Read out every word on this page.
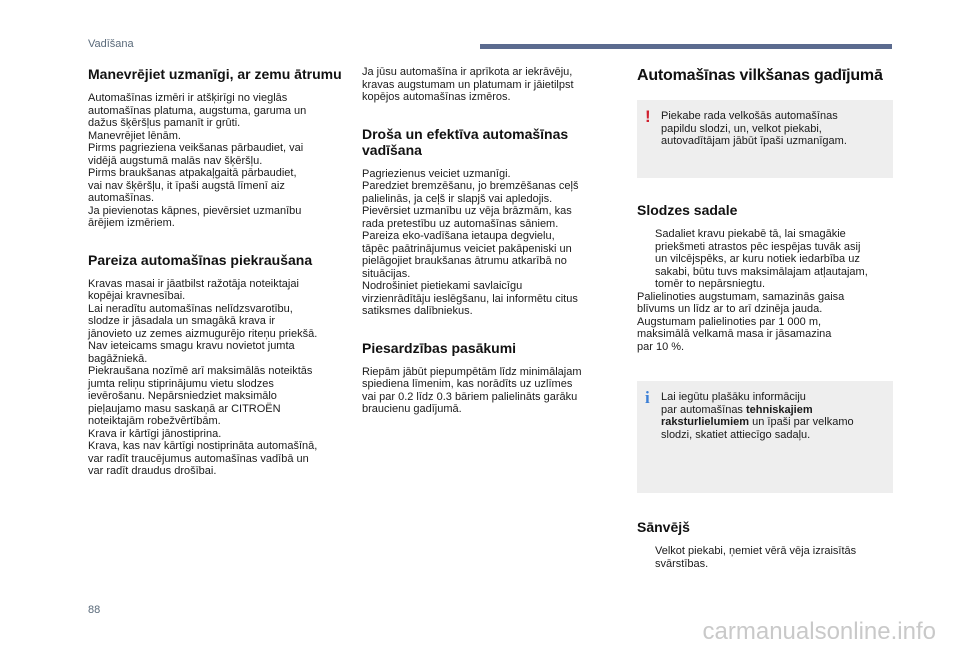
Vadīšana
Manevrējiet uzmanīgi, ar zemu ātrumu

Automašīnas izmēri ir atšķirīgi no vieglās
automašīnas platuma, augstuma, garuma un
dažus šķēršļus pamanīt ir grūti.
Manevrējiet lēnām.
Pirms pagrieziena veikšanas pārbaudiet, vai
vidējā augstumā malās nav šķēršļu.
Pirms braukšanas atpakaļgaitā pārbaudiet,
vai nav šķēršļu, it īpaši augstā līmenī aiz
automašīnas.
Ja pievienotas kāpnes, pievērsiet uzmanību
ārējiem izmēriem.

Pareiza automašīnas piekraušana

Kravas masai ir jāatbilst ražotāja noteiktajai
kopējai kravnesībai.
Lai neradītu automašīnas nelīdzsvarotību,
slodze ir jāsadala un smagākā krava ir
jānovieto uz zemes aizmugurējo riteņu priekšā.
Nav ieteicams smagu kravu novietot jumta
bagāžniekā.
Piekraušana nozīmē arī maksimālās noteiktās
jumta reliņu stiprinājumu vietu slodzes
ievērošanu. Nepārsniedziet maksimālo
pieļaujamo masu saskaņā ar CITROËN
noteiktajām robežvērtībām.
Krava ir kārtīgi jānostiprina.
Krava, kas nav kārtīgi nostiprināta automašīnā,
var radīt traucējumus automašīnas vadībā un
var radīt draudus drošībai.

Ja jūsu automašīna ir aprīkota ar iekrāvēju,
kravas augstumam un platumam ir jāietilpst
kopējos automašīnas izmēros.

Droša un efektīva automašīnas vadīšana

Pagriezienus veiciet uzmanīgi.
Paredziet bremzēšanu, jo bremzēšanas ceļš
palielinās, ja ceļš ir slapjš vai apledojis.
Pievērsiet uzmanību uz vēja brāzmām, kas
rada pretestību uz automašīnas sāniem.
Pareiza eko-vadīšana ietaupa degvielu,
tāpēc paātrinājumus veiciet pakāpeniski un
pielāgojiet braukšanas ātrumu atkarībā no
situācijas.
Nodrošiniet pietiekami savlaicīgu
virzienrādītāju ieslēgšanu, lai informētu citus
satiksmes dalībniekus.

Piesardzības pasākumi

Riepām jābūt piepumpētām līdz minimālajam
spiediena līmenim, kas norādīts uz uzlīmes
vai par 0.2 līdz 0.3 bāriem palielināts garāku
braucienu gadījumā.

Automašīnas vilkšanas gadījumā
! Piekabe rada velkošās automašīnas
papildu slodzi, un, velkot piekabi,
autovadītājam jābūt īpaši uzmanīgam.
Slodzes sadale
Sadaliet kravu piekabē tā, lai smagākie
priekšmeti atrastos pēc iespējas tuvāk asij
un vilcējspēks, ar kuru notiek iedarbība uz
sakabi, būtu tuvs maksimālajam atļautajam,
tomēr to nepārsniegtu.

Palielinoties augstumam, samazinās gaisa
blīvums un līdz ar to arī dzinēja jauda.
Augstumam palielinoties par 1 000 m,
maksimālā velkamā masa ir jāsamazina
par 10 %.

i Lai iegūtu plašāku informāciju
par automašīnas tehniskajiem
raksturlielumiem un īpaši par velkamo
slodzi, skatiet attiecīgo sadaļu.
Sānvējš
Velkot piekabi, ņemiet vērā vēja izraisītās
svārstības.
88
carmanualsonline.info
